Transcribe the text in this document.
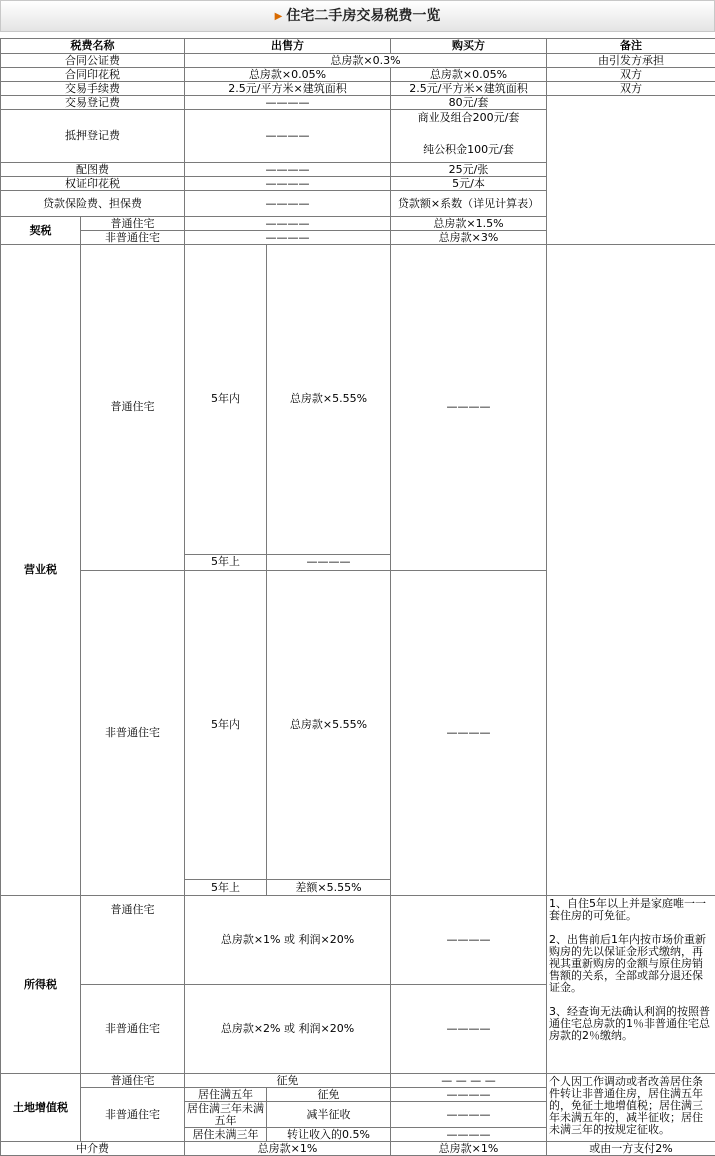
▶ 住宅二手房交易税费一览
税费名称		出售方		购买方	备注	
合同公证费		总房款×0.3%			由引发方承担	
合同印花税		总房款×0.05%		总房款×0.05%	双方	
交易手续费		2.5元/平方米×建筑面积		2.5元/平方米×建筑面积	双方	
交易登记费		————		80元/套		
抵押登记费		————		商业及组合200元/套
纯公积金100元/套		

配图费		————		25元/张		
权证印花税		————		5元/本		
贷款保险费、担保费		————		贷款额×系数（详见计算表）		
契税	普通住宅	————		总房款×1.5%		
	非普通住宅	————		总房款×3%	
营业税	普通住宅	5年内	总房款×5.55%	————		
		5年上	————			
	非普通住宅	5年内	总房款×5.55%	————		
		5年上	差额×5.55%			
所得税	普通住宅	总房款×1% 或 利润×20%		————	1、自住5年以上并是家庭唯一一套住房的可免征。
2、出售前后1年内按市场价重新购房的先以保证金形式缴纳，再视其重新购房的金额与原住房销售额的关系，全部或部分退还保证金。
3、经查询无法确认利润的按照普通住宅总房款的1％非普通住宅总房款的2％缴纳。	
	非普通住宅	总房款×2% 或 利润×20%		————		
土地增值税	普通住宅	征免		— — — —	个人因工作调动或者改善居住条件转让非普通住房，居住满五年的，免征土地增值税；居住满三年未满五年的，减半征收；居住未满三年的按规定征收。	
	非普通住宅	居住满五年	征免	————		
		居住满三年未满五年	减半征收	————		
		居住未满三年	转让收入的0.5%	————		
中介费		总房款×1%		总房款×1%	或由一方支付2%	
